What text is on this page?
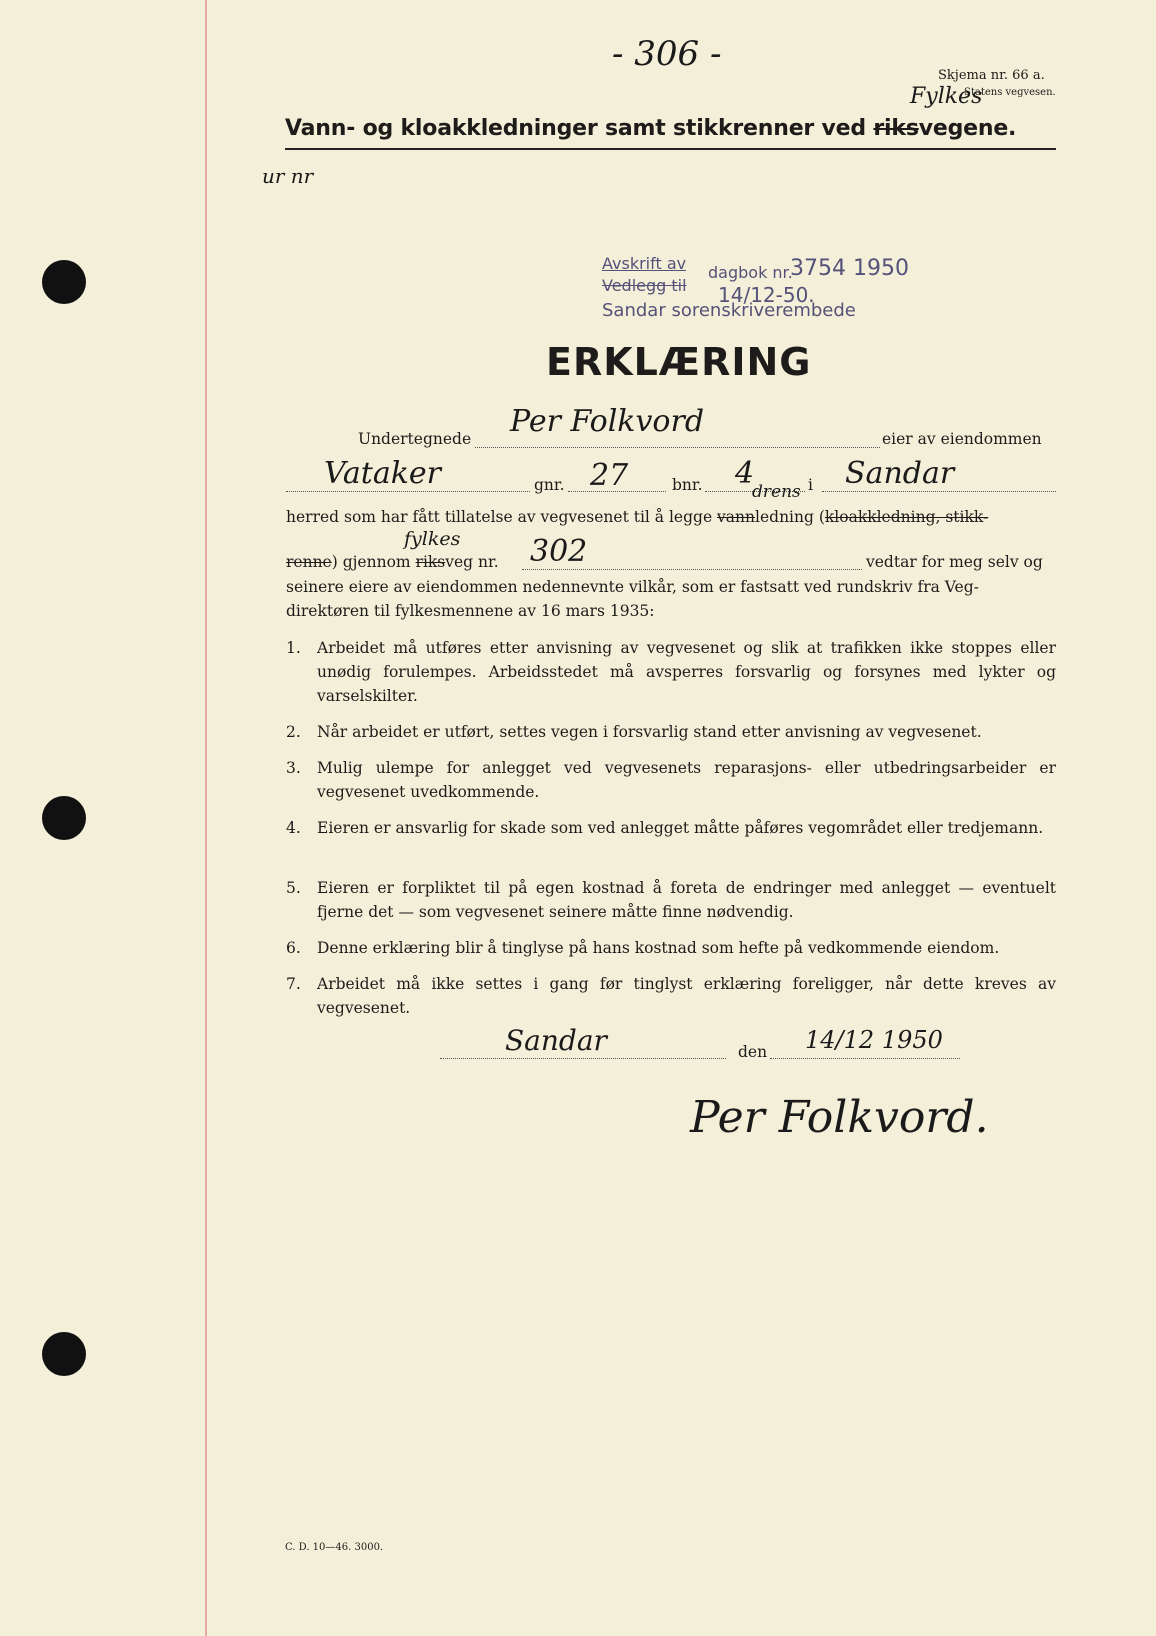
- 306 -
Skjema nr. 66 a.
Statens vegvesen.
Fylkes
Vann- og kloakkledninger samt stikkrenner ved riksvegene.
ur nr
Avskrift av
Vedlegg til
dagbok nr.
3754 1950
14/12-50.
Sandar sorenskriverembede
ERKLÆRING
Undertegnede Per Folkvord	eier av eiendommen
Vataker	gnr. 27	bnr. 4
drens i Sandar
herred som har fått tillatelse av vegvesenet til å legge vannledning (kloakkledning, stikk-
renne) gjennom riksveg nr.
fylkes 302	vedtar for meg selv og
seinere eiere av eiendommen nedennevnte vilkår, som er fastsatt ved rundskriv fra Veg-
direktøren til fylkesmennene av 16 mars 1935:
1. Arbeidet må utføres etter anvisning av vegvesenet og slik at trafikken ikke stoppes eller unødig forulempes. Arbeidsstedet må avsperres forsvarlig og forsynes med lykter og varselskilter.
2. Når arbeidet er utført, settes vegen i forsvarlig stand etter anvisning av vegvesenet.
3. Mulig ulempe for anlegget ved vegvesenets reparasjons- eller utbedringsarbeider er vegvesenet uvedkommende.
4. Eieren er ansvarlig for skade som ved anlegget måtte påføres vegområdet eller tredjemann.
5. Eieren er forpliktet til på egen kostnad å foreta de endringer med anlegget — eventuelt fjerne det — som vegvesenet seinere måtte finne nødvendig.
6. Denne erklæring blir å tinglyse på hans kostnad som hefte på vedkommende eiendom.
7. Arbeidet må ikke settes i gang før tinglyst erklæring foreligger, når dette kreves av vegvesenet.
Sandar	den 14/12 1950
Per Folkvord.
C. D. 10—46. 3000.
